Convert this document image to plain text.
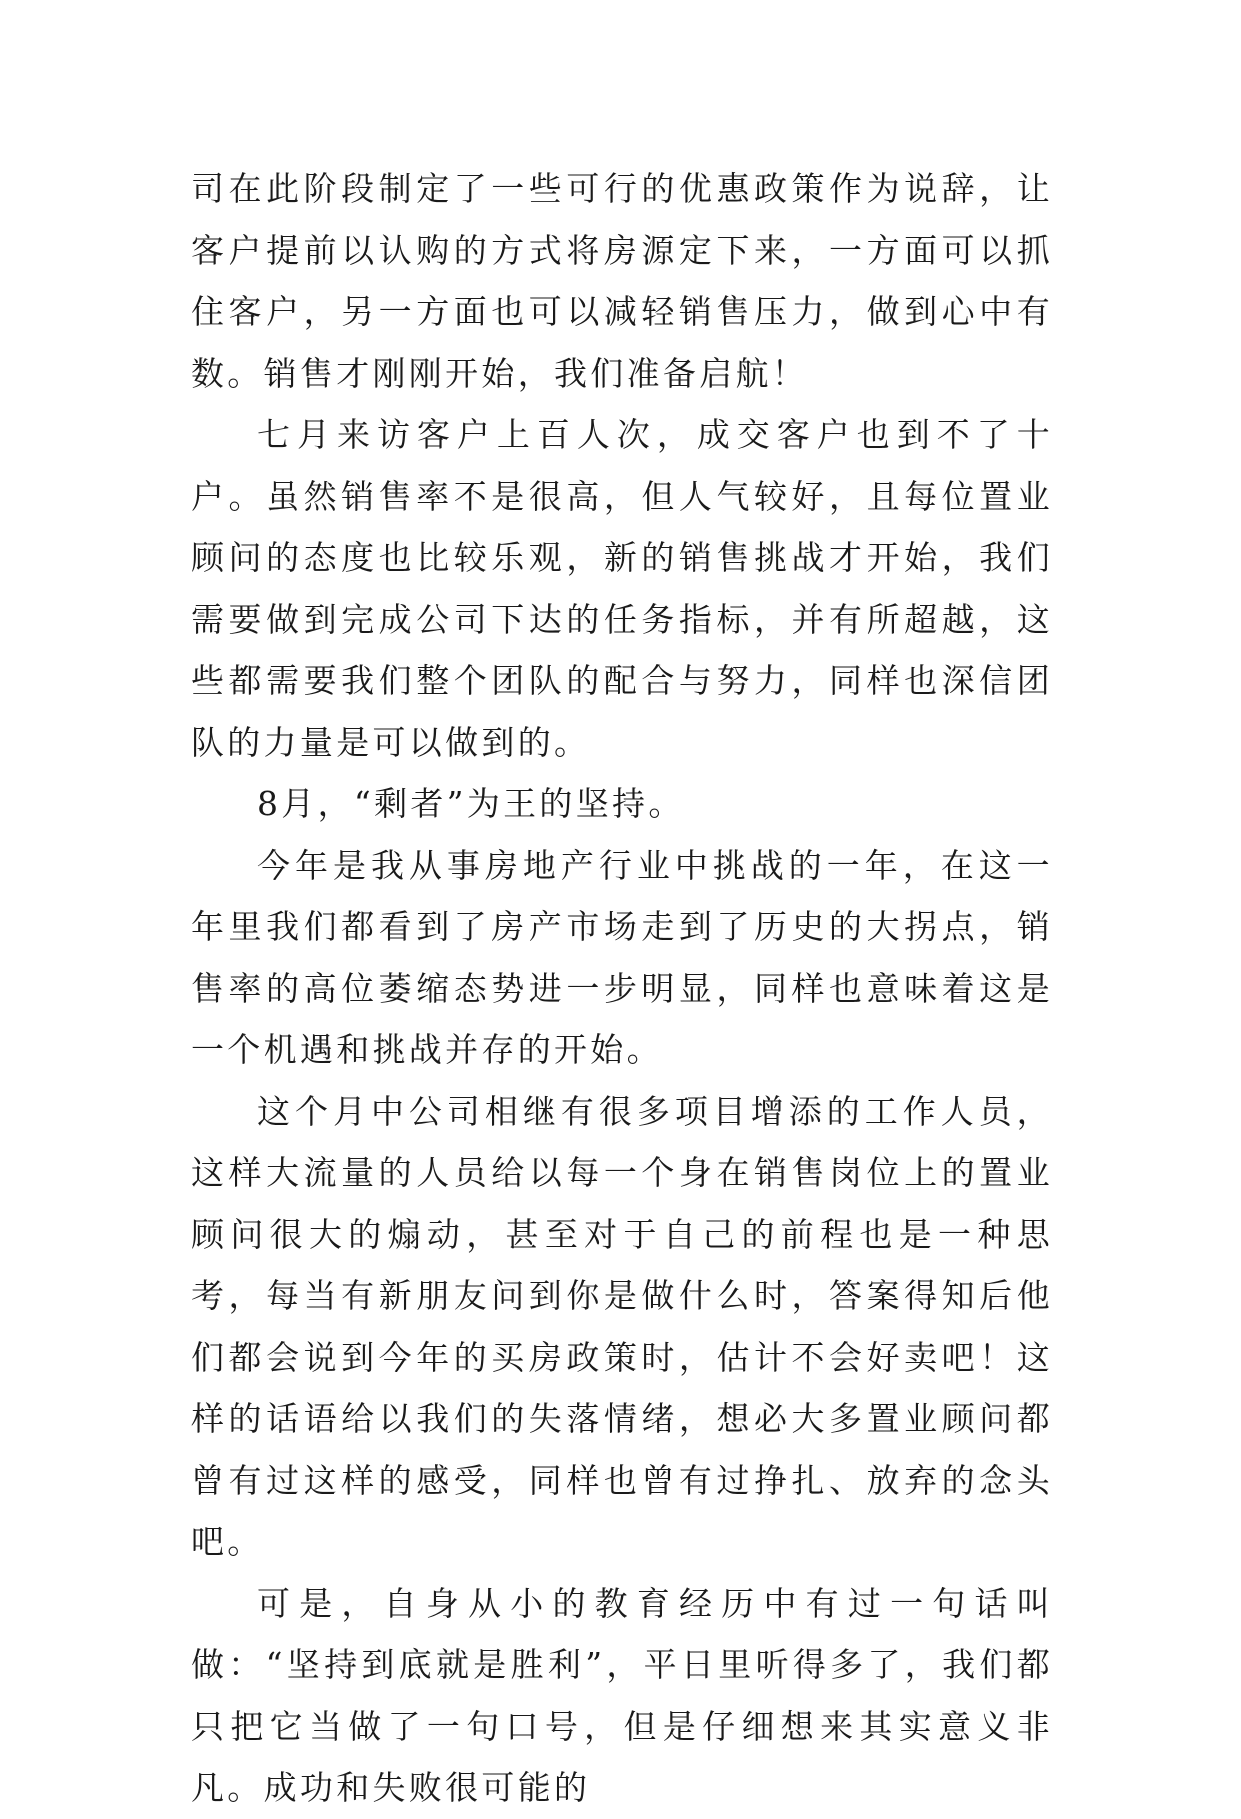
司在此阶段制定了一些可行的优惠政策作为说辞，让客户提前以认购的方式将房源定下来，一方面可以抓住客户，另一方面也可以减轻销售压力，做到心中有数。销售才刚刚开始，我们准备启航！

七月来访客户上百人次，成交客户也到不了十户。虽然销售率不是很高，但人气较好，且每位置业顾问的态度也比较乐观，新的销售挑战才开始，我们需要做到完成公司下达的任务指标，并有所超越，这些都需要我们整个团队的配合与努力，同样也深信团队的力量是可以做到的。

8月，“剩者”为王的坚持。

今年是我从事房地产行业中挑战的一年，在这一年里我们都看到了房产市场走到了历史的大拐点，销售率的高位萎缩态势进一步明显，同样也意味着这是一个机遇和挑战并存的开始。

这个月中公司相继有很多项目增添的工作人员，这样大流量的人员给以每一个身在销售岗位上的置业顾问很大的煽动，甚至对于自己的前程也是一种思考，每当有新朋友问到你是做什么时，答案得知后他们都会说到今年的买房政策时，估计不会好卖吧！这样的话语给以我们的失落情绪，想必大多置业顾问都曾有过这样的感受，同样也曾有过挣扎、放弃的念头吧。

可是，自身从小的教育经历中有过一句话叫做：“坚持到底就是胜利”，平日里听得多了，我们都只把它当做了一句口号，但是仔细想来其实意义非凡。成功和失败很可能的
